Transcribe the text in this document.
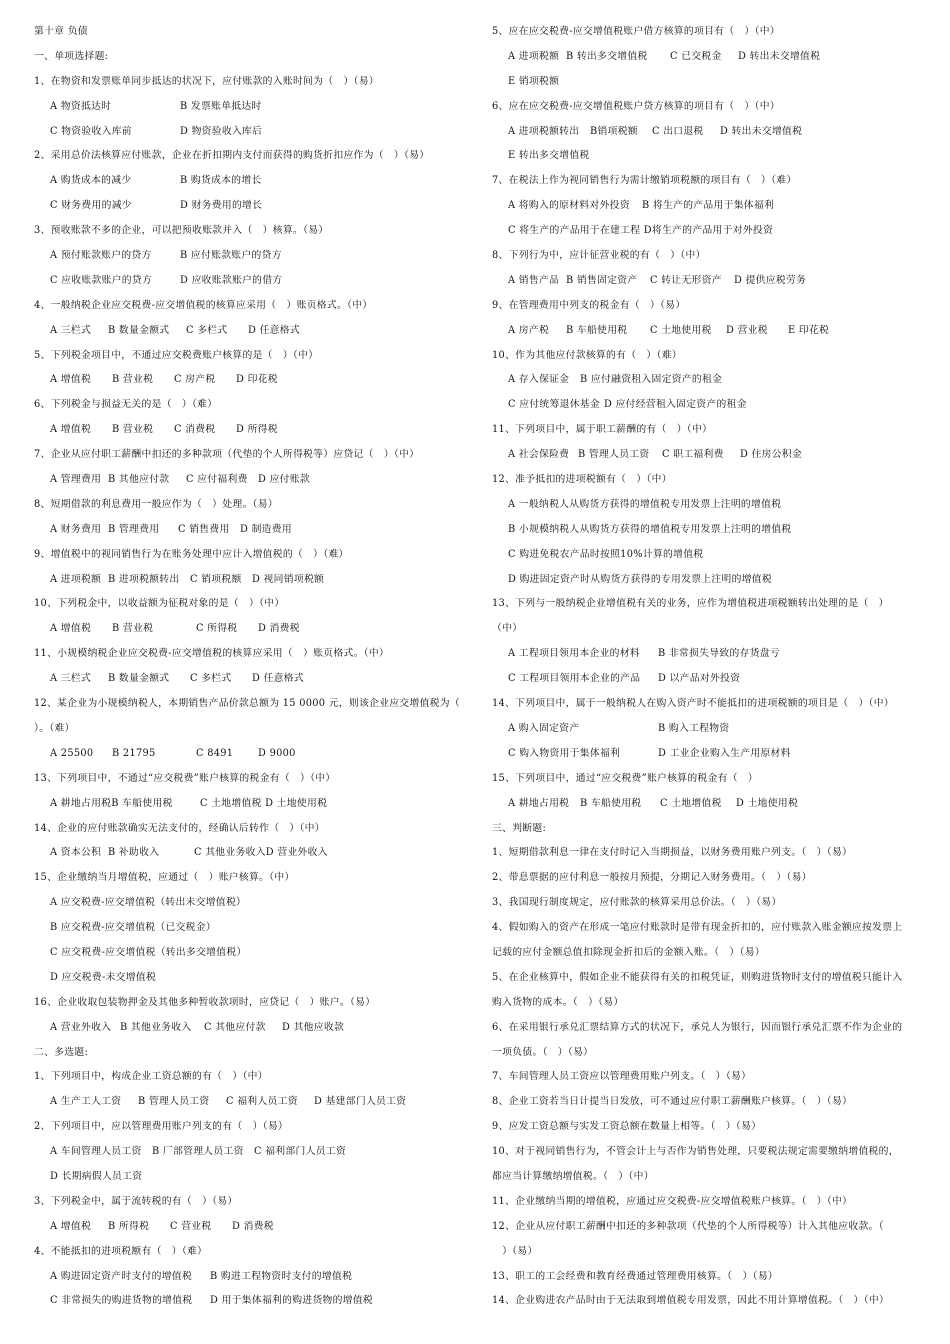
第十章 负债
一、单项选择题:
1、在物资和发票账单同步抵达的状况下，应付账款的入账时间为（　）（易）
A 物资抵达时	B 发票账单抵达时
C 物资验收入库前	D 物资验收入库后
2、采用总价法核算应付账款，企业在折扣期内支付而获得的购货折扣应作为（　）（易）
A 购货成本的减少	B 购货成本的增长
C 财务费用的减少	D 财务费用的增长
3、预收账款不多的企业，可以把预收账款并入（　）核算。（易）
A 预付账款账户的贷方	B 应付账款账户的贷方
C 应收账款账户的贷方	D 应收账款账户的借方
4、一般纳税企业应交税费-应交增值税的核算应采用（　）账页格式。（中）
A 三栏式 B 数量金额式 C 多栏式 D 任意格式
5、下列税金项目中，不通过应交税费账户核算的是（　）（中）
A 增值税 B 营业税 C 房产税 D 印花税
6、下列税金与损益无关的是（　）（难）
A 增值税 B 营业税 C 消费税 D 所得税
7、企业从应付职工薪酬中扣还的多种款项（代垫的个人所得税等）应贷记（　）（中）
A 管理费用 B 其他应付款 C 应付福利费 D 应付账款
8、短期借款的利息费用一般应作为（　）处理。（易）
A 财务费用 B 管理费用 C 销售费用 D 制造费用
9、增值税中的视同销售行为在账务处理中应计入增值税的（　）（难）
A 进项税额 B 进项税额转出 C 销项税额 D 视同销项税额
10、下列税金中，以收益额为征税对象的是（　）（中）
A 增值税 B 营业税	C 所得税 D 消费税
11、小规模纳税企业应交税费-应交增值税的核算应采用（　）账页格式。（中）
A 三栏式 B 数量金额式 C 多栏式 D 任意格式
12、某企业为小规模纳税人，本期销售产品价款总额为 15 0000 元，则该企业应交增值税为（
）。（难）
A 25500 B 21795	C 8491	D 9000
13、下列项目中，不通过“应交税费”账户核算的税金有（　）（中）
A 耕地占用税B 车船使用税	C 土地增值税 D 土地使用税
14、企业的应付账款确实无法支付的，经确认后转作（　）（中）
A 资本公积 B 补助收入	C 其他业务收入D 营业外收入
15、企业缴纳当月增值税，应通过（　）账户核算。（中）
A 应交税费-应交增值税（转出未交增值税）
B 应交税费-应交增值税（已交税金）
C 应交税费-应交增值税（转出多交增值税）
D 应交税费-未交增值税
16、企业收取包装物押金及其他多种暂收款项时，应贷记（　）账户。（易）
A 营业外收入 B 其他业务收入 C 其他应付款 D 其他应收款
二、多选题:
1、下列项目中，构成企业工资总额的有（　）（中）
A 生产工人工资 B 管理人员工资 C 福利人员工资 D 基建部门人员工资
2、下列项目中，应以管理费用账户列支的有（　）（易）
A 车间管理人员工资 B 厂部管理人员工资 C 福利部门人员工资
D 长期病假人员工资
3、下列税金中，属于流转税的有（　）（易）
A 增值税 B 所得税 C 营业税 D 消费税
4、不能抵扣的进项税额有（　）（难）
A 购进固定资产时支付的增值税 B 购进工程物资时支付的增值税
C 非常损失的购进货物的增值税 D 用于集体福利的购进货物的增值税
5、应在应交税费-应交增值税账户借方核算的项目有（　）（中）
A 进项税额 B 转出多交增值税 C 已交税金 D 转出未交增值税
E 销项税额
6、应在应交税费-应交增值税账户贷方核算的项目有（　）（中）
A 进项税额转出 B销项税额 C 出口退税 D 转出未交增值税
E 转出多交增值税
7、在税法上作为视同销售行为需计缴销项税额的项目有（　）（难）
A 将购入的原材料对外投资 B 将生产的产品用于集体福利
C 将生产的产品用于在建工程 D将生产的产品用于对外投资
8、下列行为中，应计征营业税的有（　）（中）
A 销售产品 B 销售固定资产 C 转让无形资产 D 提供应税劳务
9、在管理费用中列支的税金有（　）（易）
A 房产税 B 车船使用税 C 土地使用税 D 营业税 E 印花税
10、作为其他应付款核算的有（　）（难）
A 存入保证金 B 应付融资租入固定资产的租金
C 应付统筹退休基金 D 应付经营租入固定资产的租金
11、下列项目中，属于职工薪酬的有（　）（中）
A 社会保险费 B 管理人员工资 C 职工福利费 D 住房公积金
12、准予抵扣的进项税额有（　）（中）
A 一般纳税人从购货方获得的增值税专用发票上注明的增值税
B 小规模纳税人从购货方获得的增值税专用发票上注明的增值税
C 购进免税农产品时按照10%计算的增值税
D 购进固定资产时从购货方获得的专用发票上注明的增值税
13、下列与一般纳税企业增值税有关的业务，应作为增值税进项税额转出处理的是（　）
（中）
A 工程项目领用本企业的材料 B 非常损失导致的存货盘亏
C 工程项目领用本企业的产品 D 以产品对外投资
14、下列项目中，属于一般纳税人在购入资产时不能抵扣的进项税额的项目是（　）（中）
A 购入固定资产	B 购入工程物资
C 购入物资用于集体福利	D 工业企业购入生产用原材料
15、下列项目中，通过“应交税费”账户核算的税金有（　）
A 耕地占用税 B 车船使用税 C 土地增值税 D 土地使用税
三、判断题:
1、短期借款利息一律在支付时记入当期损益，以财务费用账户列支。（　）（易）
2、带息票据的应付利息一般按月预提，分期记入财务费用。（　）（易）
3、我国现行制度规定，应付账款的核算采用总价法。（　）（易）
4、假如购入的资产在形成一笔应付账款时是带有现金折扣的，应付账款入账金额应按发票上
记载的应付金额总值扣除现金折扣后的金额入账。（　）（易）
5、在企业核算中，假如企业不能获得有关的扣税凭证，则购进货物时支付的增值税只能计入
购入货物的成本。（　）（易）
6、在采用银行承兑汇票结算方式的状况下，承兑人为银行，因而银行承兑汇票不作为企业的
一项负债。（　）（易）
7、车间管理人员工资应以管理费用账户列支。（　）（易）
8、企业工资若当日计提当日发放，可不通过应付职工薪酬账户核算。（　）（易）
9、应发工资总额与实发工资总额在数量上相等。（　）（易）
10、对于视同销售行为，不管会计上与否作为销售处理，只要税法规定需要缴纳增值税的，
都应当计算缴纳增值税。（　）（中）
11、企业缴纳当期的增值税，应通过应交税费-应交增值税账户核算。（　）（中）
12、企业从应付职工薪酬中扣还的多种款项（代垫的个人所得税等）计入其他应收款。（
　）（易）
13、职工的工会经费和教育经费通过管理费用核算。（　）（易）
14、企业购进农产品时由于无法取到增值税专用发票，因此不用计算增值税。（　）（中）
